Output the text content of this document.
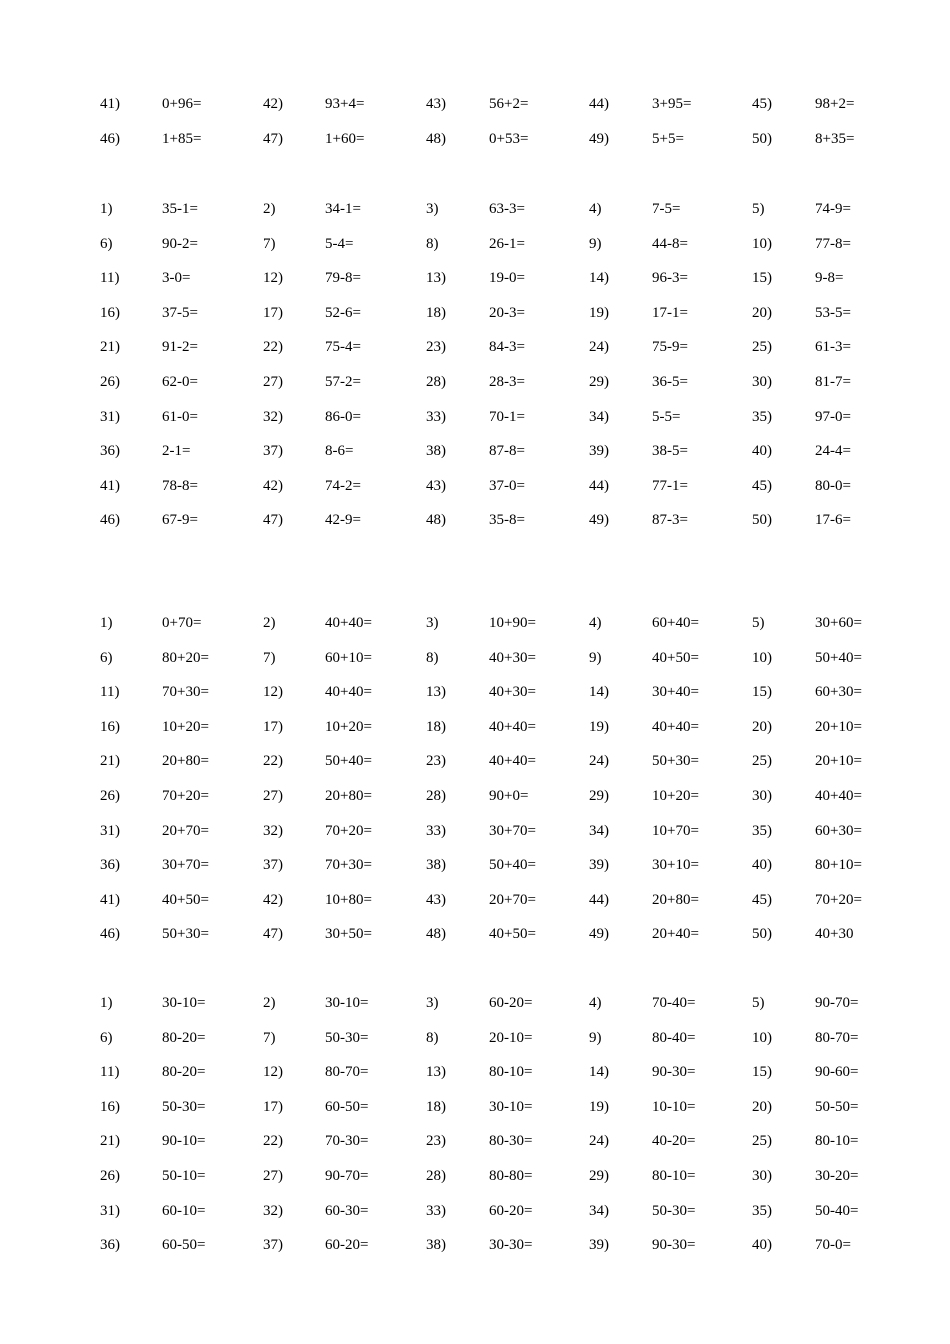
41)	0+96=	42)	93+4=	43)	56+2=	44)	3+95=	45)	98+2=
46)	1+85=	47)	1+60=	48)	0+53=	49)	5+5=	50)	8+35=
1)	35-1=	2)	34-1=	3)	63-3=	4)	7-5=	5)	74-9=
6)	90-2=	7)	5-4=	8)	26-1=	9)	44-8=	10)	77-8=
11)	3-0=	12)	79-8=	13)	19-0=	14)	96-3=	15)	9-8=
16)	37-5=	17)	52-6=	18)	20-3=	19)	17-1=	20)	53-5=
21)	91-2=	22)	75-4=	23)	84-3=	24)	75-9=	25)	61-3=
26)	62-0=	27)	57-2=	28)	28-3=	29)	36-5=	30)	81-7=
31)	61-0=	32)	86-0=	33)	70-1=	34)	5-5=	35)	97-0=
36)	2-1=	37)	8-6=	38)	87-8=	39)	38-5=	40)	24-4=
41)	78-8=	42)	74-2=	43)	37-0=	44)	77-1=	45)	80-0=
46)	67-9=	47)	42-9=	48)	35-8=	49)	87-3=	50)	17-6=
1)	0+70=	2)	40+40=	3)	10+90=	4)	60+40=	5)	30+60=
6)	80+20=	7)	60+10=	8)	40+30=	9)	40+50=	10)	50+40=
11)	70+30=	12)	40+40=	13)	40+30=	14)	30+40=	15)	60+30=
16)	10+20=	17)	10+20=	18)	40+40=	19)	40+40=	20)	20+10=
21)	20+80=	22)	50+40=	23)	40+40=	24)	50+30=	25)	20+10=
26)	70+20=	27)	20+80=	28)	90+0=	29)	10+20=	30)	40+40=
31)	20+70=	32)	70+20=	33)	30+70=	34)	10+70=	35)	60+30=
36)	30+70=	37)	70+30=	38)	50+40=	39)	30+10=	40)	80+10=
41)	40+50=	42)	10+80=	43)	20+70=	44)	20+80=	45)	70+20=
46)	50+30=	47)	30+50=	48)	40+50=	49)	20+40=	50)	40+30
1)	30-10=	2)	30-10=	3)	60-20=	4)	70-40=	5)	90-70=
6)	80-20=	7)	50-30=	8)	20-10=	9)	80-40=	10)	80-70=
11)	80-20=	12)	80-70=	13)	80-10=	14)	90-30=	15)	90-60=
16)	50-30=	17)	60-50=	18)	30-10=	19)	10-10=	20)	50-50=
21)	90-10=	22)	70-30=	23)	80-30=	24)	40-20=	25)	80-10=
26)	50-10=	27)	90-70=	28)	80-80=	29)	80-10=	30)	30-20=
31)	60-10=	32)	60-30=	33)	60-20=	34)	50-30=	35)	50-40=
36)	60-50=	37)	60-20=	38)	30-30=	39)	90-30=	40)	70-0=
